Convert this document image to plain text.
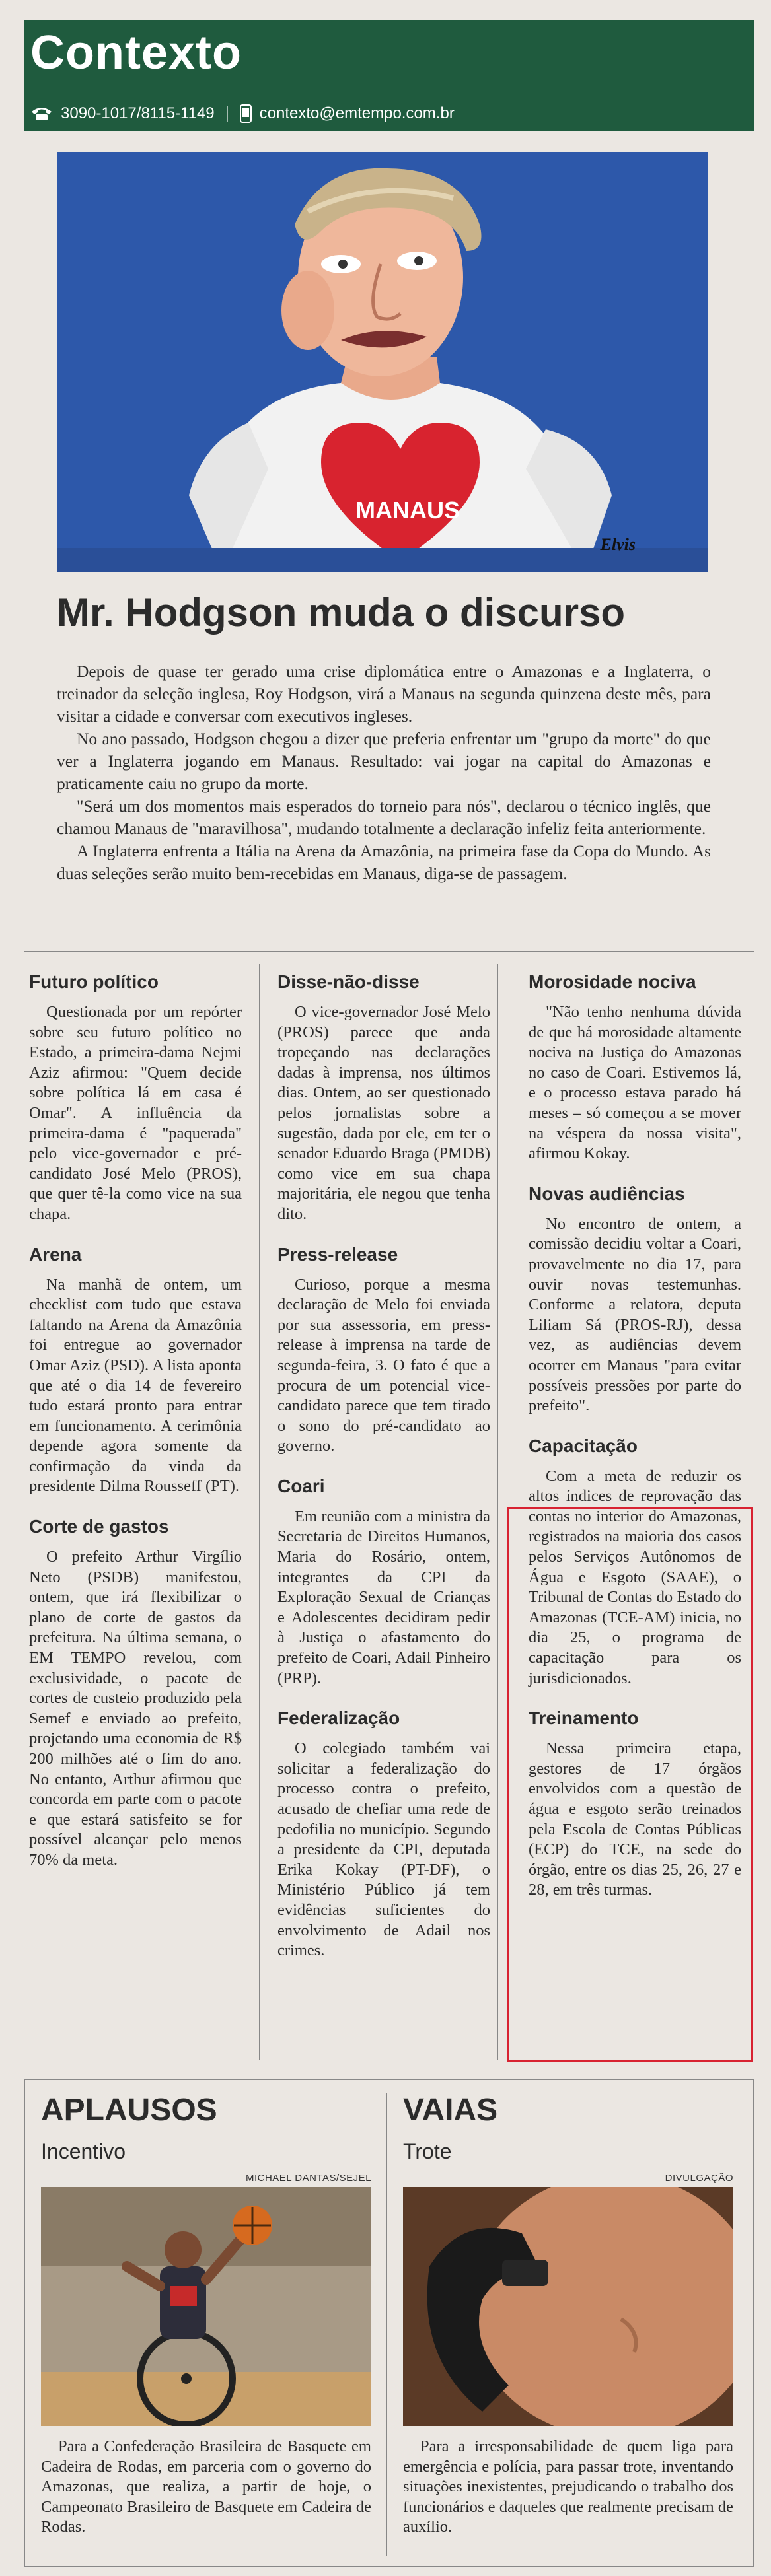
Contexto
3090-1017/8115-1149	contexto@emtempo.com.br
MANAUS
Elvis
Mr. Hodgson muda o discurso

Depois de quase ter gerado uma crise diplomática entre o Amazonas e a Inglaterra, o treinador da seleção inglesa, Roy Hodgson, virá a Manaus na segunda quinzena deste mês, para visitar a cidade e conversar com executivos ingleses.

No ano passado, Hodgson chegou a dizer que preferia enfrentar um "grupo da morte" do que ver a Inglaterra jogando em Manaus. Resultado: vai jogar na capital do Amazonas e praticamente caiu no grupo da morte.

"Será um dos momentos mais esperados do torneio para nós", declarou o técnico inglês, que chamou Manaus de "maravilhosa", mudando totalmente a declaração infeliz feita anteriormente.

A Inglaterra enfrenta a Itália na Arena da Amazônia, na primeira fase da Copa do Mundo. As duas seleções serão muito bem-recebidas em Manaus, diga-se de passagem.

Futuro político

Questionada por um repórter sobre seu futuro político no Estado, a primeira-dama Nejmi Aziz afirmou: "Quem decide sobre política lá em casa é Omar". A influência da primeira-dama é "paquerada" pelo vice-governador e pré-candidato José Melo (PROS), que quer tê-la como vice na sua chapa.

Arena

Na manhã de ontem, um checklist com tudo que estava faltando na Arena da Amazônia foi entregue ao governador Omar Aziz (PSD). A lista aponta que até o dia 14 de fevereiro tudo estará pronto para entrar em funcionamento. A cerimônia depende agora somente da confirmação da vinda da presidente Dilma Rousseff (PT).

Corte de gastos

O prefeito Arthur Virgílio Neto (PSDB) manifestou, ontem, que irá flexibilizar o plano de corte de gastos da prefeitura. Na última semana, o EM TEMPO revelou, com exclusividade, o pacote de cortes de custeio produzido pela Semef e enviado ao prefeito, projetando uma economia de R$ 200 milhões até o fim do ano. No entanto, Arthur afirmou que concorda em parte com o pacote e que estará satisfeito se for possível alcançar pelo menos 70% da meta.

Disse-não-disse

O vice-governador José Melo (PROS) parece que anda tropeçando nas declarações dadas à imprensa, nos últimos dias. Ontem, ao ser questionado pelos jornalistas sobre a sugestão, dada por ele, em ter o senador Eduardo Braga (PMDB) como vice em sua chapa majoritária, ele negou que tenha dito.

Press-release

Curioso, porque a mesma declaração de Melo foi enviada por sua assessoria, em press-release à imprensa na tarde de segunda-feira, 3. O fato é que a procura de um potencial vice-candidato parece que tem tirado o sono do pré-candidato ao governo.

Coari

Em reunião com a ministra da Secretaria de Direitos Humanos, Maria do Rosário, ontem, integrantes da CPI da Exploração Sexual de Crianças e Adolescentes decidiram pedir à Justiça o afastamento do prefeito de Coari, Adail Pinheiro (PRP).

Federalização

O colegiado também vai solicitar a federalização do processo contra o prefeito, acusado de chefiar uma rede de pedofilia no município. Segundo a presidente da CPI, deputada Erika Kokay (PT-DF), o Ministério Público já tem evidências suficientes do envolvimento de Adail nos crimes.

Morosidade nociva

"Não tenho nenhuma dúvida de que há morosidade altamente nociva na Justiça do Amazonas no caso de Coari. Estivemos lá, e o processo estava parado há meses – só começou a se mover na véspera da nossa visita", afirmou Kokay.

Novas audiências

No encontro de ontem, a comissão decidiu voltar a Coari, provavelmente no dia 17, para ouvir novas testemunhas. Conforme a relatora, deputa Liliam Sá (PROS-RJ), dessa vez, as audiências devem ocorrer em Manaus "para evitar possíveis pressões por parte do prefeito".

Capacitação

Com a meta de reduzir os altos índices de reprovação das contas no interior do Amazonas, registrados na maioria dos casos pelos Serviços Autônomos de Água e Esgoto (SAAE), o Tribunal de Contas do Estado do Amazonas (TCE-AM) inicia, no dia 25, o programa de capacitação para os jurisdicionados.

Treinamento

Nessa primeira etapa, gestores de 17 órgãos envolvidos com a questão de água e esgoto serão treinados pela Escola de Contas Públicas (ECP) do TCE, na sede do órgão, entre os dias 25, 26, 27 e 28, em três turmas.

APLAUSOS
Incentivo
MICHAEL DANTAS/SEJEL

Para a Confederação Brasileira de Basquete em Cadeira de Rodas, em parceria com o governo do Amazonas, que realiza, a partir de hoje, o Campeonato Brasileiro de Basquete em Cadeira de Rodas.

VAIAS
Trote
DIVULGAÇÃO

Para a irresponsabilidade de quem liga para emergência e polícia, para passar trote, inventando situações inexistentes, prejudicando o trabalho dos funcionários e daqueles que realmente precisam de auxílio.
